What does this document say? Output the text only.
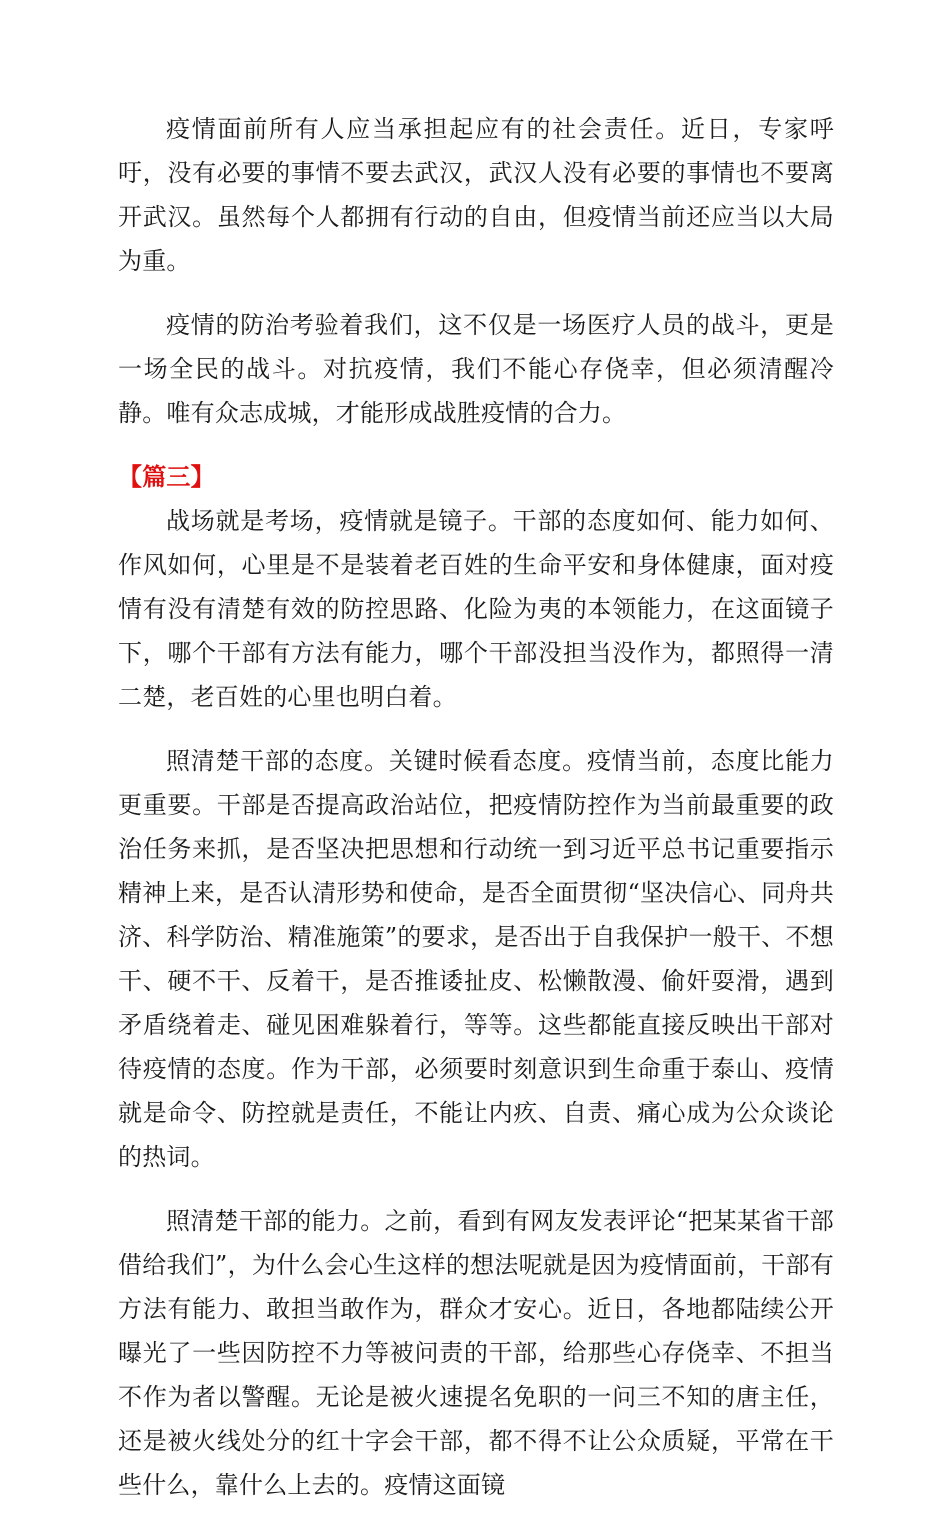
疫情面前所有人应当承担起应有的社会责任。近日，专家呼吁，没有必要的事情不要去武汉，武汉人没有必要的事情也不要离开武汉。虽然每个人都拥有行动的自由，但疫情当前还应当以大局为重。

疫情的防治考验着我们，这不仅是一场医疗人员的战斗，更是一场全民的战斗。对抗疫情，我们不能心存侥幸，但必须清醒冷静。唯有众志成城，才能形成战胜疫情的合力。

【篇三】

战场就是考场，疫情就是镜子。干部的态度如何、能力如何、作风如何，心里是不是装着老百姓的生命平安和身体健康，面对疫情有没有清楚有效的防控思路、化险为夷的本领能力，在这面镜子下，哪个干部有方法有能力，哪个干部没担当没作为，都照得一清二楚，老百姓的心里也明白着。

照清楚干部的态度。关键时候看态度。疫情当前，态度比能力更重要。干部是否提高政治站位，把疫情防控作为当前最重要的政治任务来抓，是否坚决把思想和行动统一到习近平总书记重要指示精神上来，是否认清形势和使命，是否全面贯彻“坚决信心、同舟共济、科学防治、精准施策”的要求，是否出于自我保护一般干、不想干、硬不干、反着干，是否推诿扯皮、松懒散漫、偷奸耍滑，遇到矛盾绕着走、碰见困难躲着行，等等。这些都能直接反映出干部对待疫情的态度。作为干部，必须要时刻意识到生命重于泰山、疫情就是命令、防控就是责任，不能让内疚、自责、痛心成为公众谈论的热词。

照清楚干部的能力。之前，看到有网友发表评论“把某某省干部借给我们”，为什么会心生这样的想法呢就是因为疫情面前，干部有方法有能力、敢担当敢作为，群众才安心。近日，各地都陆续公开曝光了一些因防控不力等被问责的干部，给那些心存侥幸、不担当不作为者以警醒。无论是被火速提名免职的一问三不知的唐主任，还是被火线处分的红十字会干部，都不得不让公众质疑，平常在干些什么，靠什么上去的。疫情这面镜
